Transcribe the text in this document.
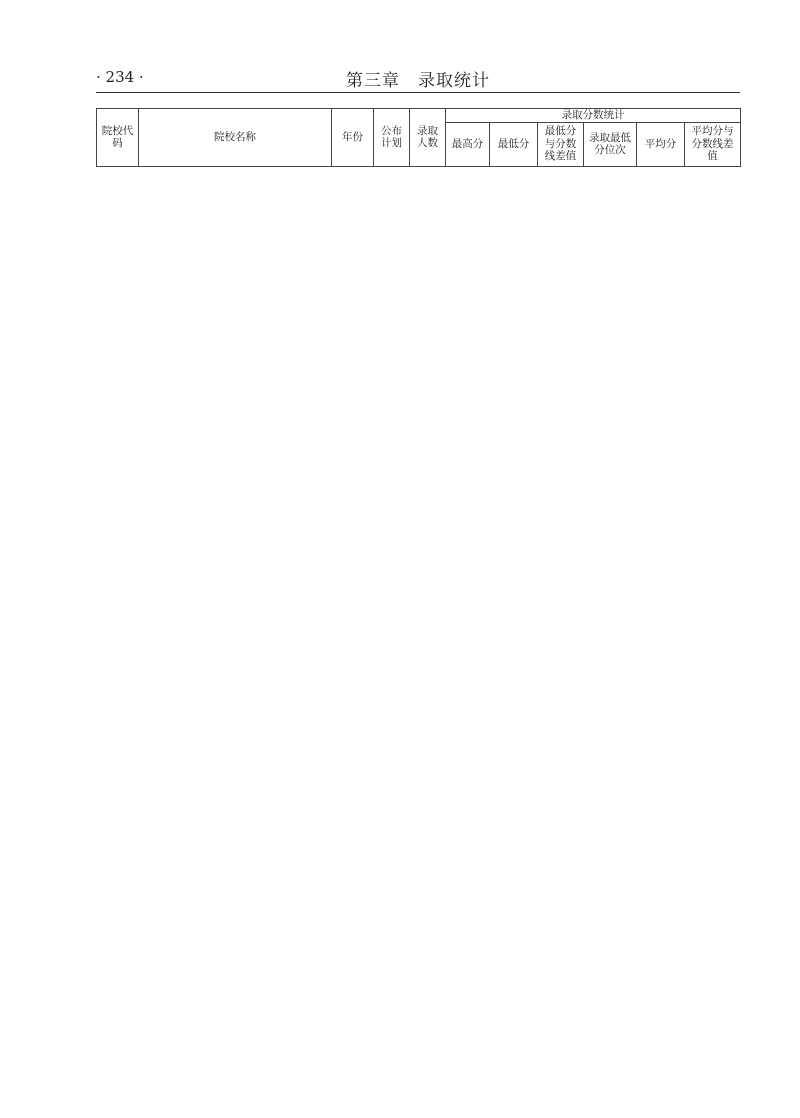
· 234 ·	第三章　录取统计
院校代码	院校名称	年份	公布计划	录取人数	录取分数统计					
					最高分	最低分	最低分与分数线差值	录取最低分位次	平均分	平均分与分数线差值
